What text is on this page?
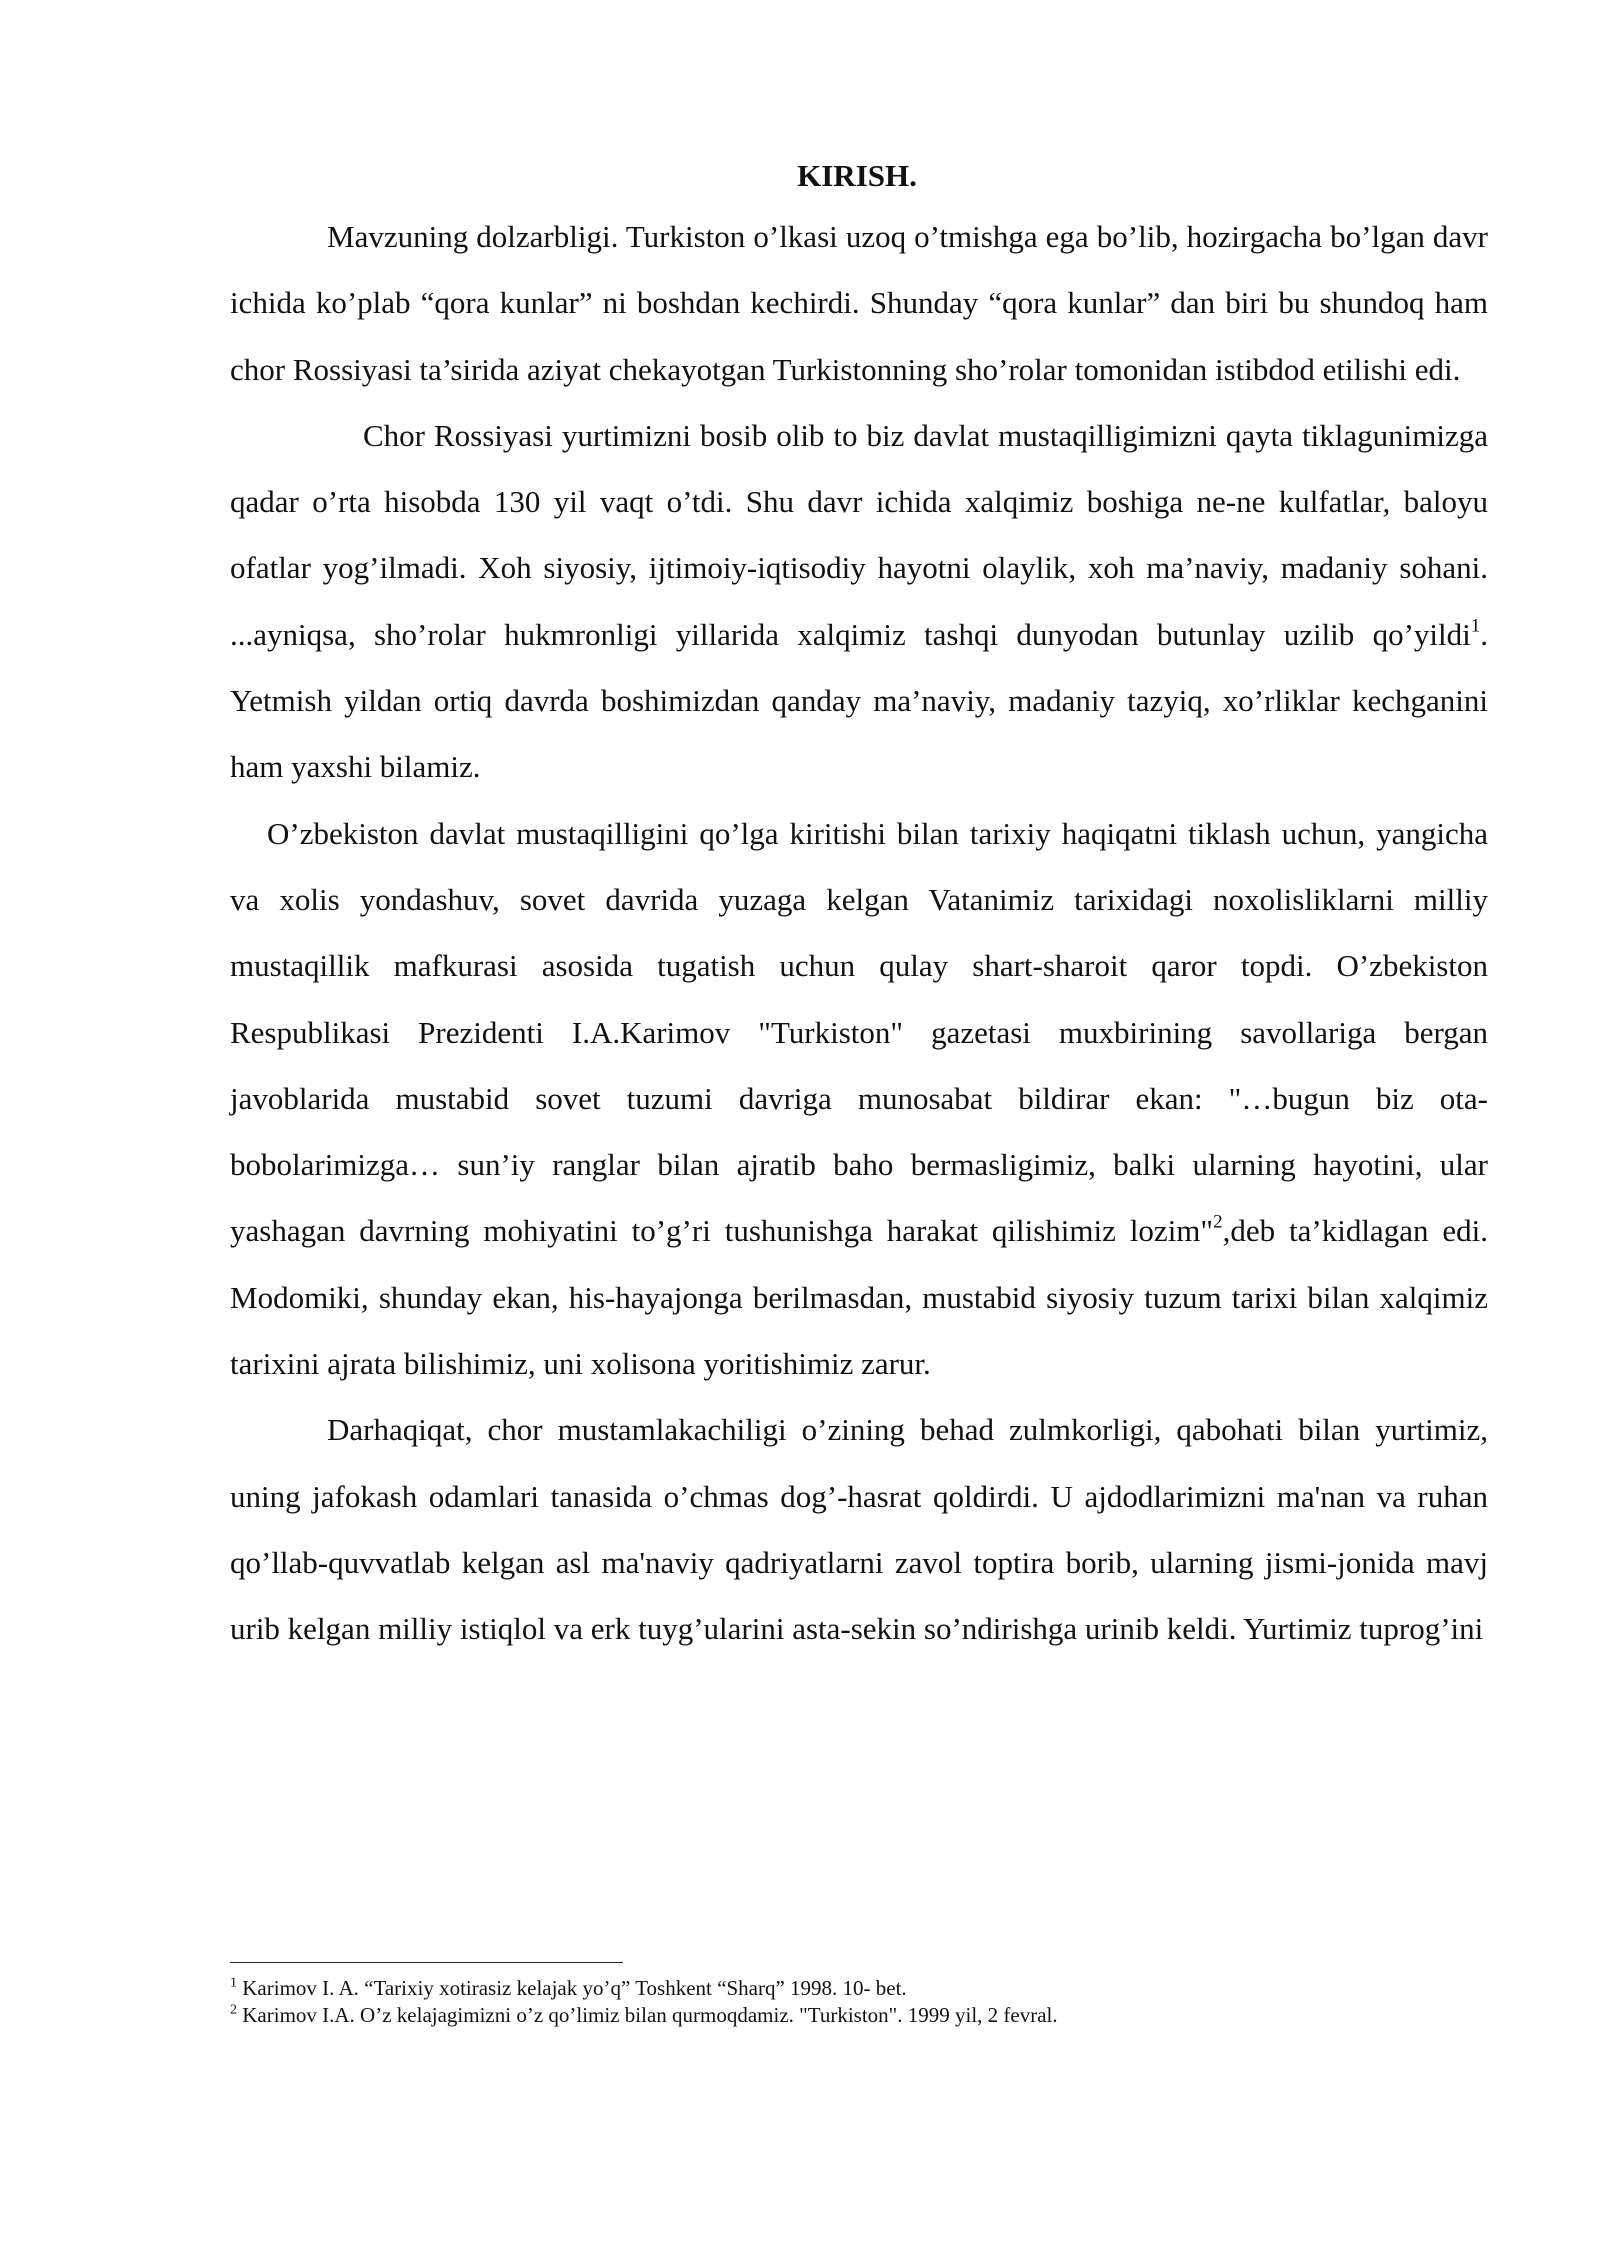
KIRISH.

Mavzuning dolzarbligi. Turkiston o’lkasi uzoq o’tmishga ega bo’lib, hozirgacha bo’lgan davr ichida ko’plab “qora kunlar” ni boshdan kechirdi. Shunday “qora kunlar” dan biri bu shundoq ham chor Rossiyasi ta’sirida aziyat chekayotgan Turkistonning sho’rolar tomonidan istibdod etilishi edi.

Chor Rossiyasi yurtimizni bosib olib to biz davlat mustaqilligimizni qayta tiklagunimizga qadar o’rta hisobda 130 yil vaqt o’tdi. Shu davr ichida xalqimiz boshiga ne-ne kulfatlar, baloyu ofatlar yog’ilmadi. Xoh siyosiy, ijtimoiy-iqtisodiy hayotni olaylik, xoh ma’naviy, madaniy sohani. ...ayniqsa, sho’rolar hukmronligi yillarida xalqimiz tashqi dunyodan butunlay uzilib qo’yildi$^1$. Yetmish yildan ortiq davrda boshimizdan qanday ma’naviy, madaniy tazyiq, xo’rliklar kechganini ham yaxshi bilamiz.

O’zbekiston davlat mustaqilligini qo’lga kiritishi bilan tarixiy haqiqatni tiklash uchun, yangicha va xolis yondashuv, sovet davrida yuzaga kelgan Vatanimiz tarixidagi noxolisliklarni milliy mustaqillik mafkurasi asosida tugatish uchun qulay shart-sharoit qaror topdi. O’zbekiston Respublikasi Prezidenti I.A.Karimov "Turkiston" gazetasi muxbirining savollariga bergan javoblarida mustabid sovet tuzumi davriga munosabat bildirar ekan: "…bugun biz ota-bobolarimizga… sun’iy ranglar bilan ajratib baho bermasligimiz, balki ularning hayotini, ular yashagan davrning mohiyatini to’g’ri tushunishga harakat qilishimiz lozim"$^2$,deb ta’kidlagan edi. Modomiki, shunday ekan, his-hayajonga berilmasdan, mustabid siyosiy tuzum tarixi bilan xalqimiz tarixini ajrata bilishimiz, uni xolisona yoritishimiz zarur.

Darhaqiqat, chor mustamlakachiligi o’zining behad zulmkorligi, qabohati bilan yurtimiz, uning jafokash odamlari tanasida o’chmas dog’-hasrat qoldirdi. U ajdodlarimizni ma'nan va ruhan qo’llab-quvvatlab kelgan asl ma'naviy qadriyatlarni zavol toptira borib, ularning jismi-jonida mavj urib kelgan milliy istiqlol va erk tuyg’ularini asta-sekin so’ndirishga urinib keldi. Yurtimiz tuprog’ini

$^1$ Karimov I. A. “Tarixiy xotirasiz kelajak yo’q” Toshkent “Sharq” 1998. 10- bet.

$^2$ Karimov I.A. O’z kelajagimizni o’z qo’limiz bilan qurmoqdamiz. "Turkiston". 1999 yil, 2 fevral.
